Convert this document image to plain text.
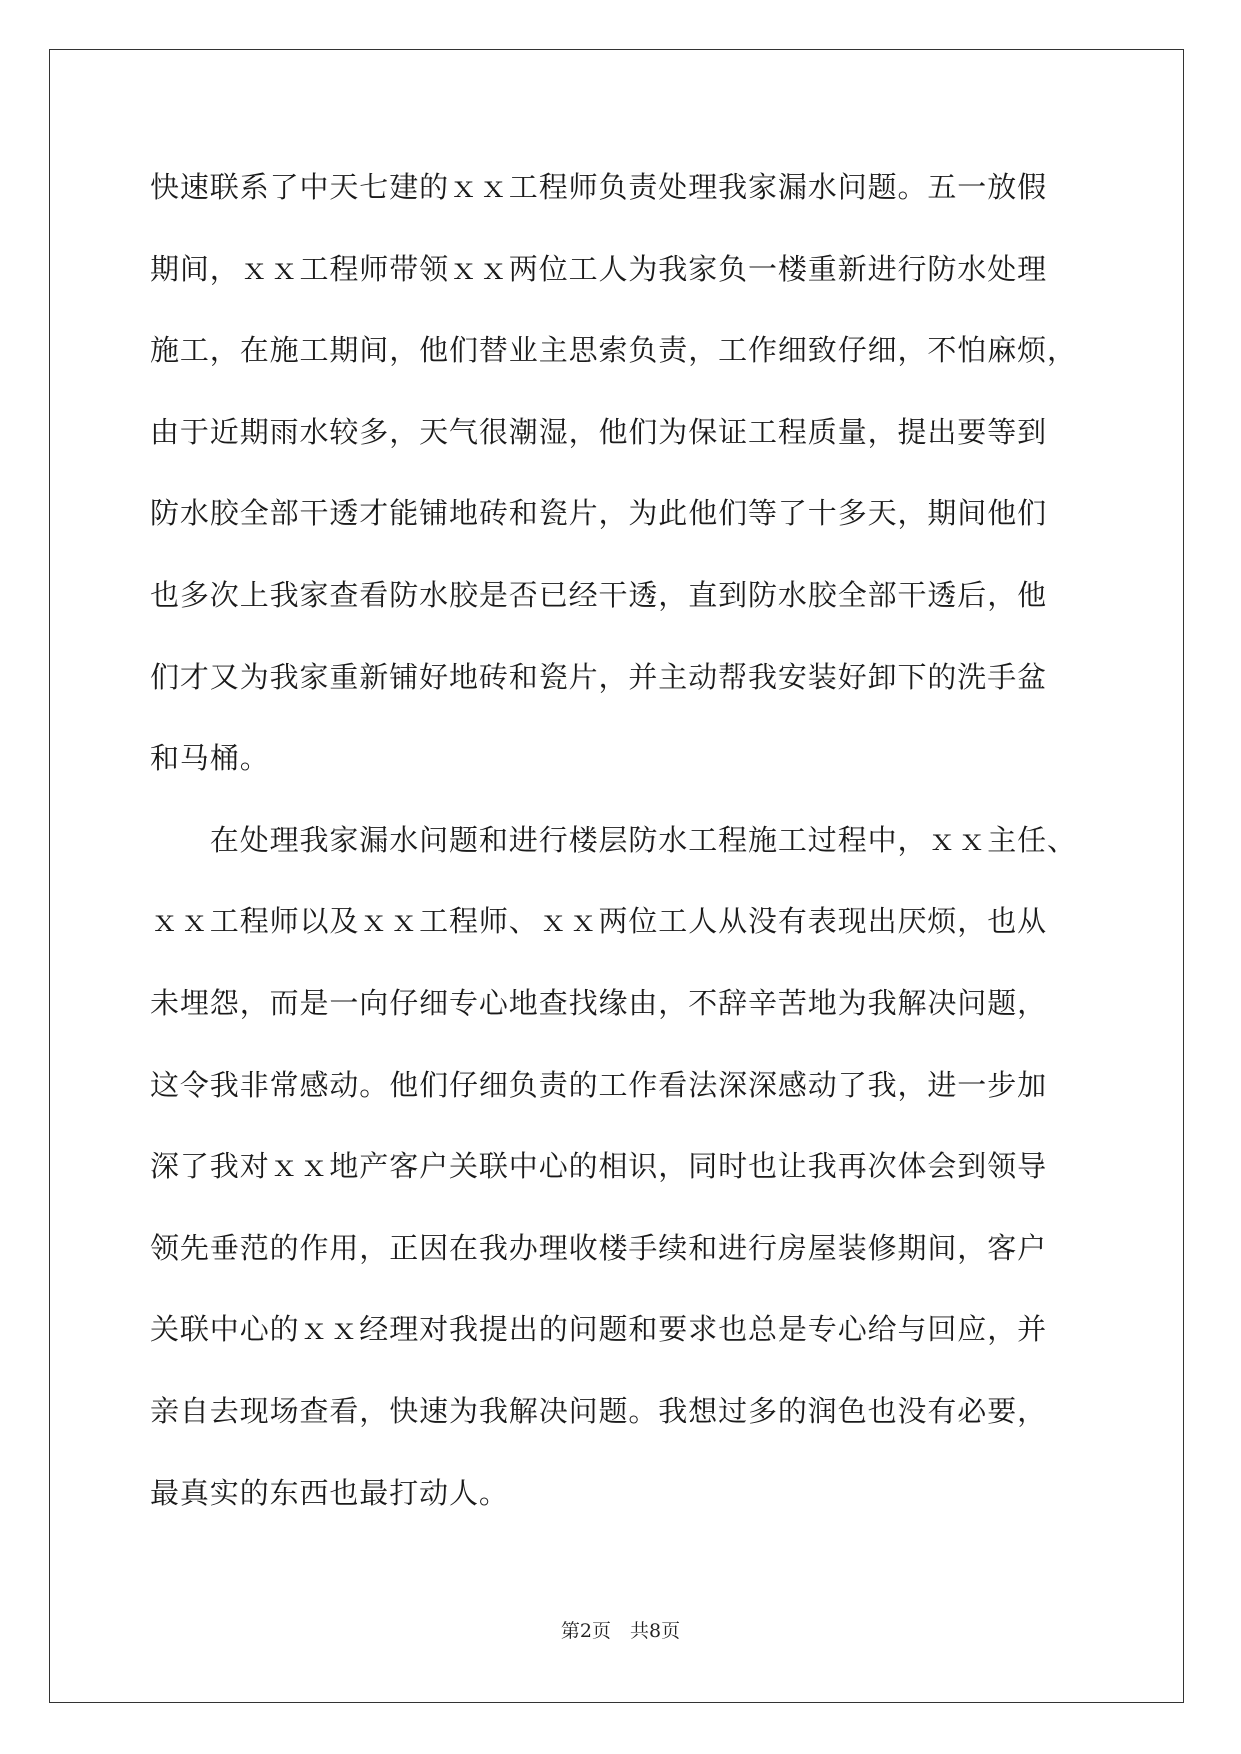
快速联系了中天七建的ｘｘ工程师负责处理我家漏水问题。五一放假
期间，ｘｘ工程师带领ｘｘ两位工人为我家负一楼重新进行防水处理
施工，在施工期间，他们替业主思索负责，工作细致仔细，不怕麻烦，
由于近期雨水较多，天气很潮湿，他们为保证工程质量，提出要等到
防水胶全部干透才能铺地砖和瓷片，为此他们等了十多天，期间他们
也多次上我家查看防水胶是否已经干透，直到防水胶全部干透后，他
们才又为我家重新铺好地砖和瓷片，并主动帮我安装好卸下的洗手盆
和马桶。
　　在处理我家漏水问题和进行楼层防水工程施工过程中，ｘｘ主任、
ｘｘ工程师以及ｘｘ工程师、ｘｘ两位工人从没有表现出厌烦，也从
未埋怨，而是一向仔细专心地查找缘由，不辞辛苦地为我解决问题，
这令我非常感动。他们仔细负责的工作看法深深感动了我，进一步加
深了我对ｘｘ地产客户关联中心的相识，同时也让我再次体会到领导
领先垂范的作用，正因在我办理收楼手续和进行房屋装修期间，客户
关联中心的ｘｘ经理对我提出的问题和要求也总是专心给与回应，并
亲自去现场查看，快速为我解决问题。我想过多的润色也没有必要，
最真实的东西也最打动人。
第2页　共8页
